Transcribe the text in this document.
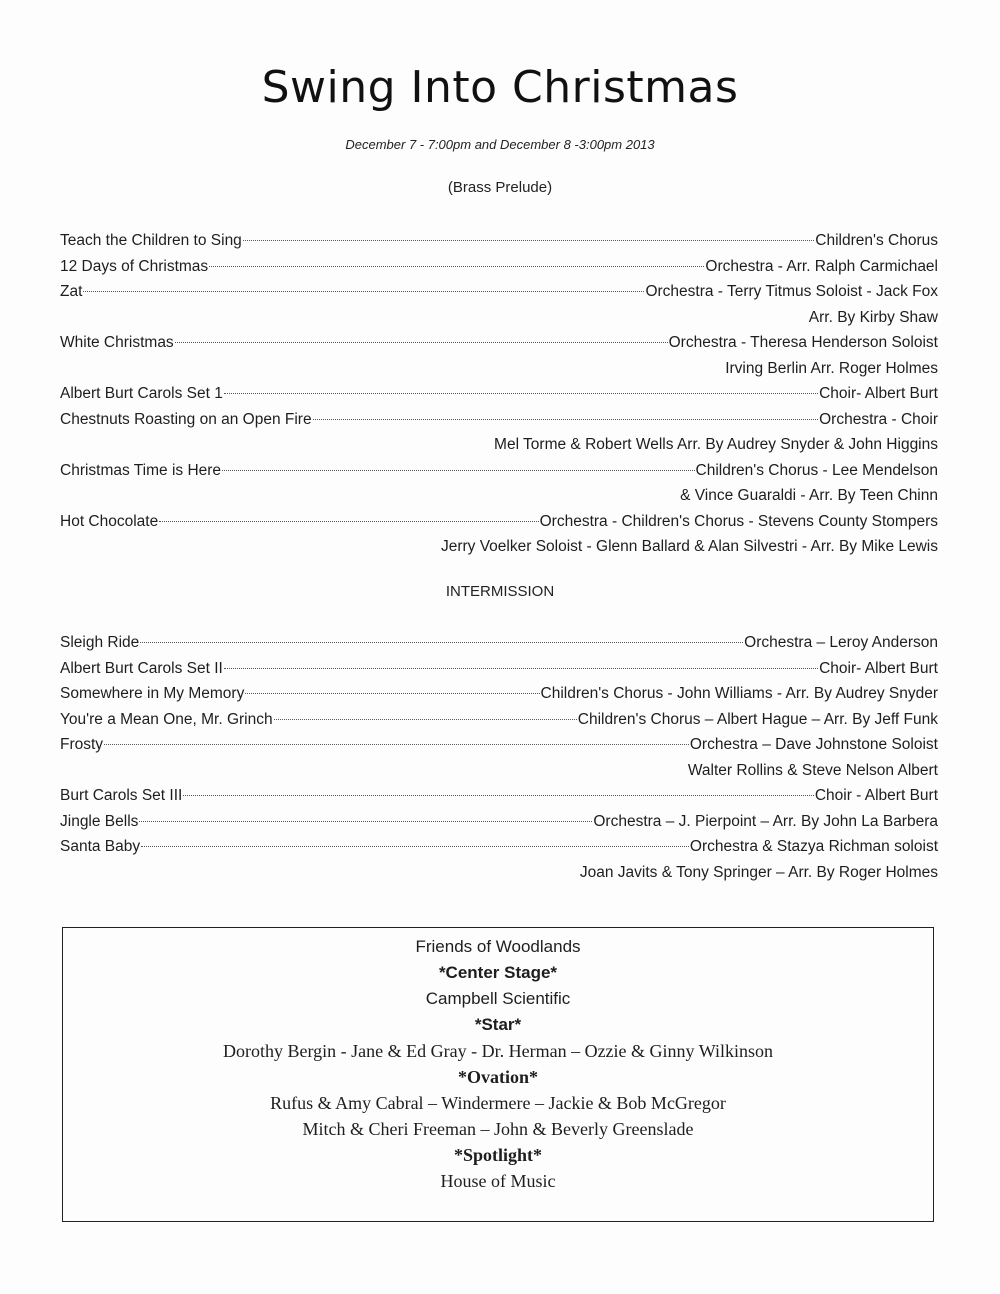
Swing Into Christmas
December 7 - 7:00pm and December 8 -3:00pm 2013
(Brass Prelude)
Teach the Children to Sing	Children's Chorus
12 Days of Christmas	Orchestra - Arr. Ralph Carmichael
Zat	Orchestra - Terry Titmus Soloist - Jack Fox
Arr. By Kirby Shaw
White Christmas	Orchestra - Theresa Henderson Soloist
Irving Berlin Arr. Roger Holmes
Albert Burt Carols Set 1	Choir- Albert Burt
Chestnuts Roasting on an Open Fire	Orchestra - Choir
Mel Torme & Robert Wells Arr. By Audrey Snyder & John Higgins
Christmas Time is Here	Children's Chorus - Lee Mendelson
& Vince Guaraldi - Arr. By Teen Chinn
Hot Chocolate	Orchestra - Children's Chorus - Stevens County Stompers
Jerry Voelker Soloist - Glenn Ballard & Alan Silvestri - Arr. By Mike Lewis
INTERMISSION
Sleigh Ride	Orchestra – Leroy Anderson
Albert Burt Carols Set II	Choir- Albert Burt
Somewhere in My Memory	Children's Chorus - John Williams - Arr. By Audrey Snyder
You're a Mean One, Mr. Grinch	Children's Chorus – Albert Hague – Arr. By Jeff Funk
Frosty	Orchestra – Dave Johnstone Soloist
Walter Rollins & Steve Nelson Albert
Burt Carols Set III	Choir - Albert Burt
Jingle Bells	Orchestra – J. Pierpoint – Arr. By John La Barbera
Santa Baby	Orchestra & Stazya Richman soloist
Joan Javits & Tony Springer – Arr. By Roger Holmes
Friends of Woodlands
*Center Stage*
Campbell Scientific
*Star*
Dorothy Bergin - Jane & Ed Gray - Dr. Herman – Ozzie & Ginny Wilkinson
*Ovation*
Rufus & Amy Cabral – Windermere – Jackie & Bob McGregor
Mitch & Cheri Freeman – John & Beverly Greenslade
*Spotlight*
House of Music
